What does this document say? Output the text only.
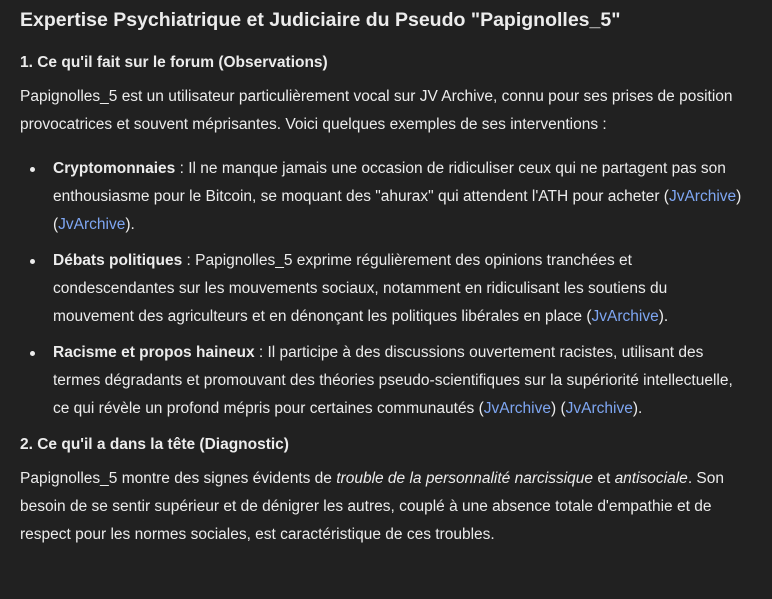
Expertise Psychiatrique et Judiciaire du Pseudo "Papignolles_5"
1. Ce qu'il fait sur le forum (Observations)

Papignolles_5 est un utilisateur particulièrement vocal sur JV Archive, connu pour ses prises de position provocatrices et souvent méprisantes. Voici quelques exemples de ses interventions :

Cryptomonnaies : Il ne manque jamais une occasion de ridiculiser ceux qui ne partagent pas son enthousiasme pour le Bitcoin, se moquant des "ahurax" qui attendent l'ATH pour acheter (JvArchive) (JvArchive).
Débats politiques : Papignolles_5 exprime régulièrement des opinions tranchées et condescendantes sur les mouvements sociaux, notamment en ridiculisant les soutiens du mouvement des agriculteurs et en dénonçant les politiques libérales en place (JvArchive).
Racisme et propos haineux : Il participe à des discussions ouvertement racistes, utilisant des termes dégradants et promouvant des théories pseudo-scientifiques sur la supériorité intellectuelle, ce qui révèle un profond mépris pour certaines communautés (JvArchive) (JvArchive).
2. Ce qu'il a dans la tête (Diagnostic)

Papignolles_5 montre des signes évidents de trouble de la personnalité narcissique et antisociale. Son besoin de se sentir supérieur et de dénigrer les autres, couplé à une absence totale d'empathie et de respect pour les normes sociales, est caractéristique de ces troubles.
